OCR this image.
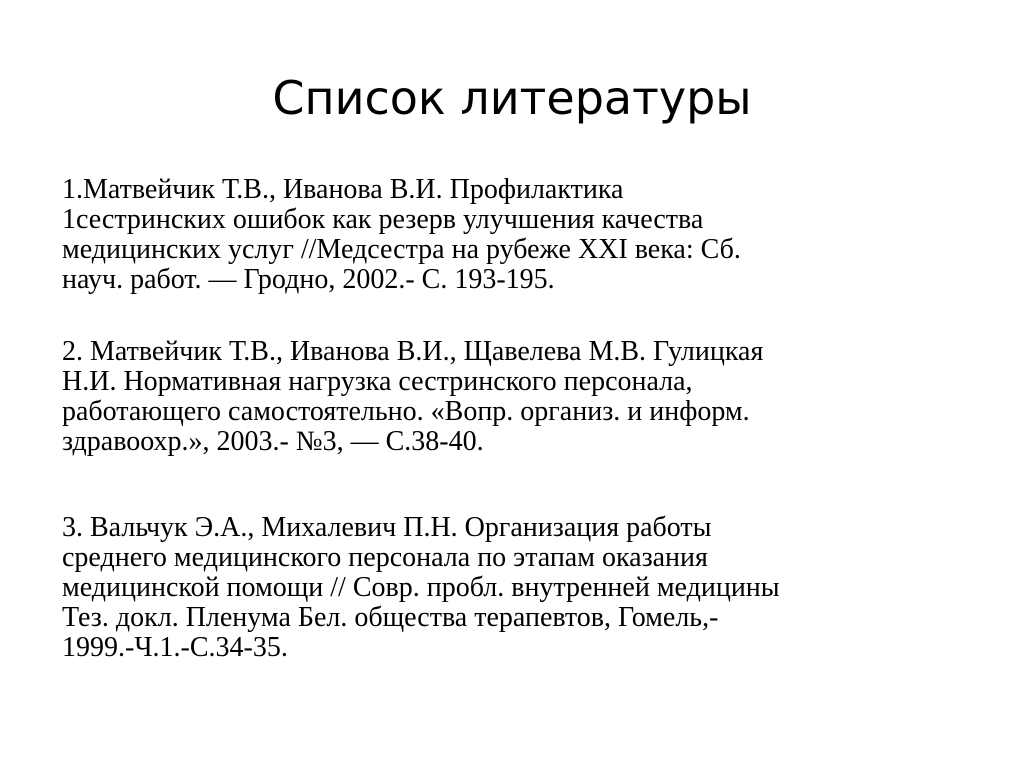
Список литературы
1.Матвейчик Т.В., Иванова В.И. Профилактика
1сестринских ошибок как резерв улучшения качества
медицинских услуг //Медсестра на рубеже XXI века: Сб.
науч. работ. — Гродно, 2002.- С. 193-195.
2. Матвейчик Т.В., Иванова В.И., Щавелева М.В. Гулицкая
Н.И. Нормативная нагрузка сестринского персонала,
работающего самостоятельно. «Вопр. организ. и информ.
здравоохр.», 2003.- №3, — С.38-40.
3. Вальчук Э.А., Михалевич П.Н. Организация работы
среднего медицинского персонала по этапам оказания
медицинской помощи // Совр. пробл. внутренней медицины
Тез. докл. Пленума Бел. общества терапевтов, Гомель,-
1999.-Ч.1.-С.34-35.
